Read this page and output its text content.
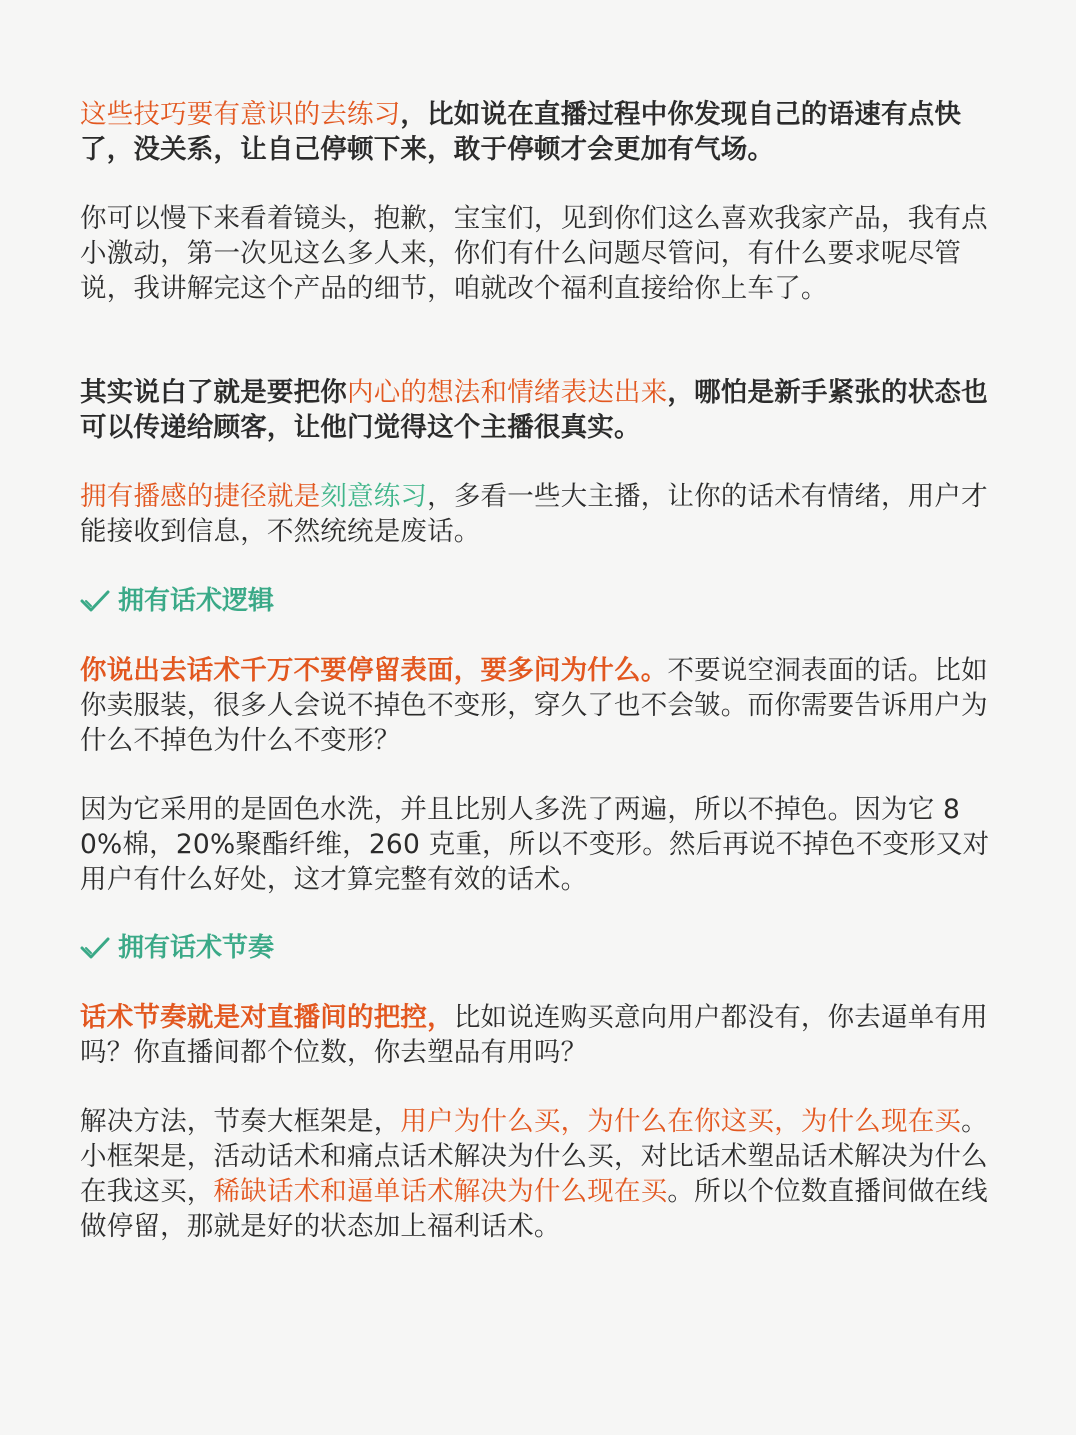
这些技巧要有意识的去练习，比如说在直播过程中你发现自己的语速有点快了，没关系，让自己停顿下来，敢于停顿才会更加有气场。

你可以慢下来看着镜头，抱歉，宝宝们，见到你们这么喜欢我家产品，我有点小激动，第一次见这么多人来，你们有什么问题尽管问，有什么要求呢尽管说，我讲解完这个产品的细节，咱就改个福利直接给你上车了。

其实说白了就是要把你内心的想法和情绪表达出来，哪怕是新手紧张的状态也可以传递给顾客，让他门觉得这个主播很真实。

拥有播感的捷径就是刻意练习，多看一些大主播，让你的话术有情绪，用户才能接收到信息，不然统统是废话。

拥有话术逻辑

你说出去话术千万不要停留表面，要多问为什么。不要说空洞表面的话。比如你卖服装，很多人会说不掉色不变形，穿久了也不会皱。而你需要告诉用户为什么不掉色为什么不变形？

因为它采用的是固色水洗，并且比别人多洗了两遍，所以不掉色。因为它 80%棉，20%聚酯纤维，260 克重，所以不变形。然后再说不掉色不变形又对用户有什么好处，这才算完整有效的话术。

拥有话术节奏

话术节奏就是对直播间的把控，比如说连购买意向用户都没有，你去逼单有用吗？你直播间都个位数，你去塑品有用吗？

解决方法，节奏大框架是，用户为什么买，为什么在你这买，为什么现在买。小框架是，活动话术和痛点话术解决为什么买，对比话术塑品话术解决为什么在我这买，稀缺话术和逼单话术解决为什么现在买。所以个位数直播间做在线做停留，那就是好的状态加上福利话术。
